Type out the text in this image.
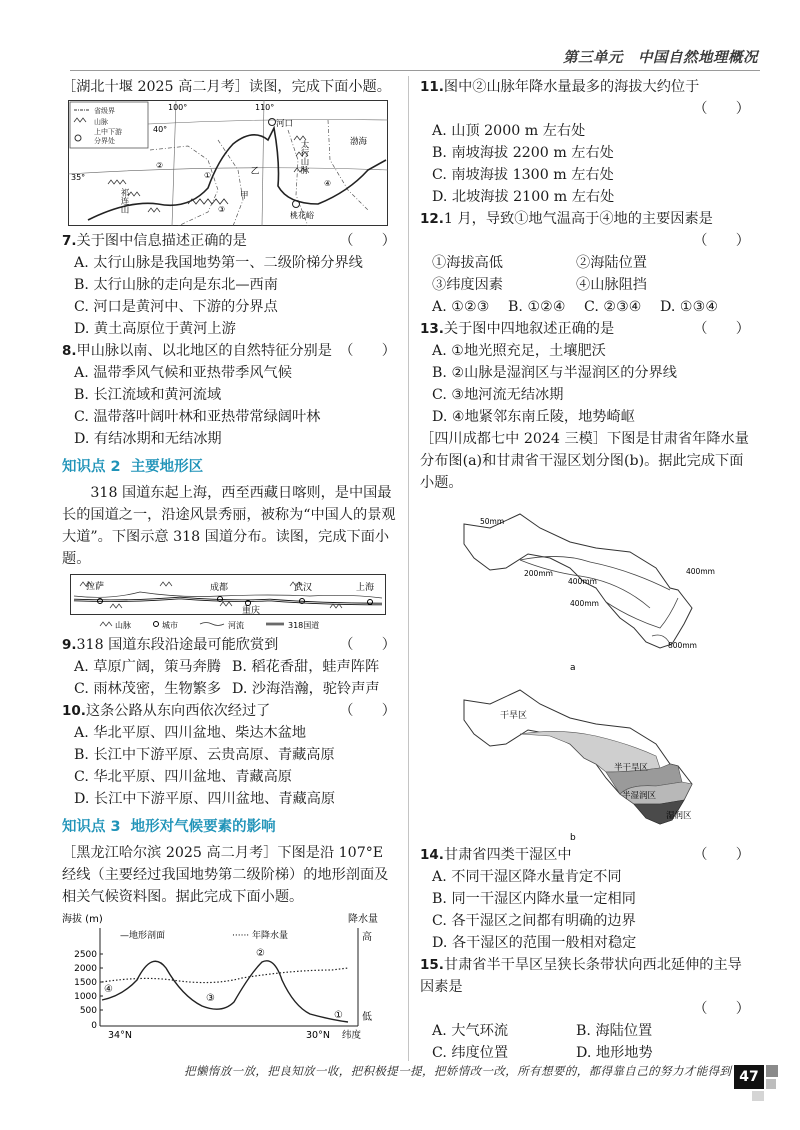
第三单元　中国自然地理概况

［湖北十堰 2025 高二月考］读图，完成下面小题。

省级界
山脉
上中下游
分界处
100°	110°
40°
35°
河口
太行山脉	渤海
乙
甲
桃花峪
祁连山
②
①
④
③

7.关于图中信息描述正确的是	（　　）

A. 太行山脉是我国地势第一、二级阶梯分界线

B. 太行山脉的走向是东北—西南

C. 河口是黄河中、下游的分界点

D. 黄土高原位于黄河上游

8.甲山脉以南、以北地区的自然特征分别是 （　　）

A. 温带季风气候和亚热带季风气候

B. 长江流域和黄河流域

C. 温带落叶阔叶林和亚热带常绿阔叶林

D. 有结冰期和无结冰期

知识点 2 主要地形区

318 国道东起上海，西至西藏日喀则，是中国最长的国道之一，沿途风景秀丽，被称为“中国人的景观大道”。下图示意 318 国道分布。读图，完成下面小题。

拉萨	成都	武汉	上海
重庆
山脉	城市	河流	318国道

9.318 国道东段沿途最可能欣赏到	（　　）

A. 草原广阔，策马奔腾 B. 稻花香甜，蛙声阵阵
C. 雨林茂密，生物繁多 D. 沙海浩瀚，驼铃声声

10.这条公路从东向西依次经过了	（　　）

A. 华北平原、四川盆地、柴达木盆地

B. 长江中下游平原、云贵高原、青藏高原

C. 华北平原、四川盆地、青藏高原

D. 长江中下游平原、四川盆地、青藏高原

知识点 3 地形对气候要素的影响

［黑龙江哈尔滨 2025 高二月考］下图是沿 107°E 经线（主要经过我国地势第二级阶梯）的地形剖面及相关气候资料图。据此完成下面小题。

海拔 (m)	降水量
高
低
2500
2000
1500
1000
500
0
—地形剖面	······ 年降水量
④
③
②
①
34°N	30°N 纬度

11.图中②山脉年降水量最多的海拔大约位于

（　　）

A. 山顶 2000 m 左右处

B. 南坡海拔 2200 m 左右处

C. 南坡海拔 1300 m 左右处

D. 北坡海拔 2100 m 左右处

12.1 月，导致①地气温高于④地的主要因素是

（　　）

①海拔高低	②海陆位置
③纬度因素	④山脉阻挡
A. ①②③	B. ①②④	C. ②③④	D. ①③④

13.关于图中四地叙述正确的是	（　　）

A. ①地光照充足，土壤肥沃

B. ②山脉是湿润区与半湿润区的分界线

C. ③地河流无结冰期

D. ④地紧邻东南丘陵，地势崎岖

［四川成都七中 2024 三模］下图是甘肃省年降水量分布图(a)和甘肃省干湿区划分图(b)。据此完成下面小题。

50mm
200mm
400mm
400mm
400mm
800mm
a
干旱区
半干旱区
半湿润区
湿润区
b

14.甘肃省四类干湿区中	（　　）

A. 不同干湿区降水量肯定不同

B. 同一干湿区内降水量一定相同

C. 各干湿区之间都有明确的边界

D. 各干湿区的范围一般相对稳定

15.甘肃省半干旱区呈狭长条带状向西北延伸的主导因素是

（　　）

A. 大气环流	B. 海陆位置
C. 纬度位置	D. 地形地势
把懒惰放一放，把良知放一收，把积极提一提，把娇情改一改，所有想要的，都得靠自己的努力才能得到 47
